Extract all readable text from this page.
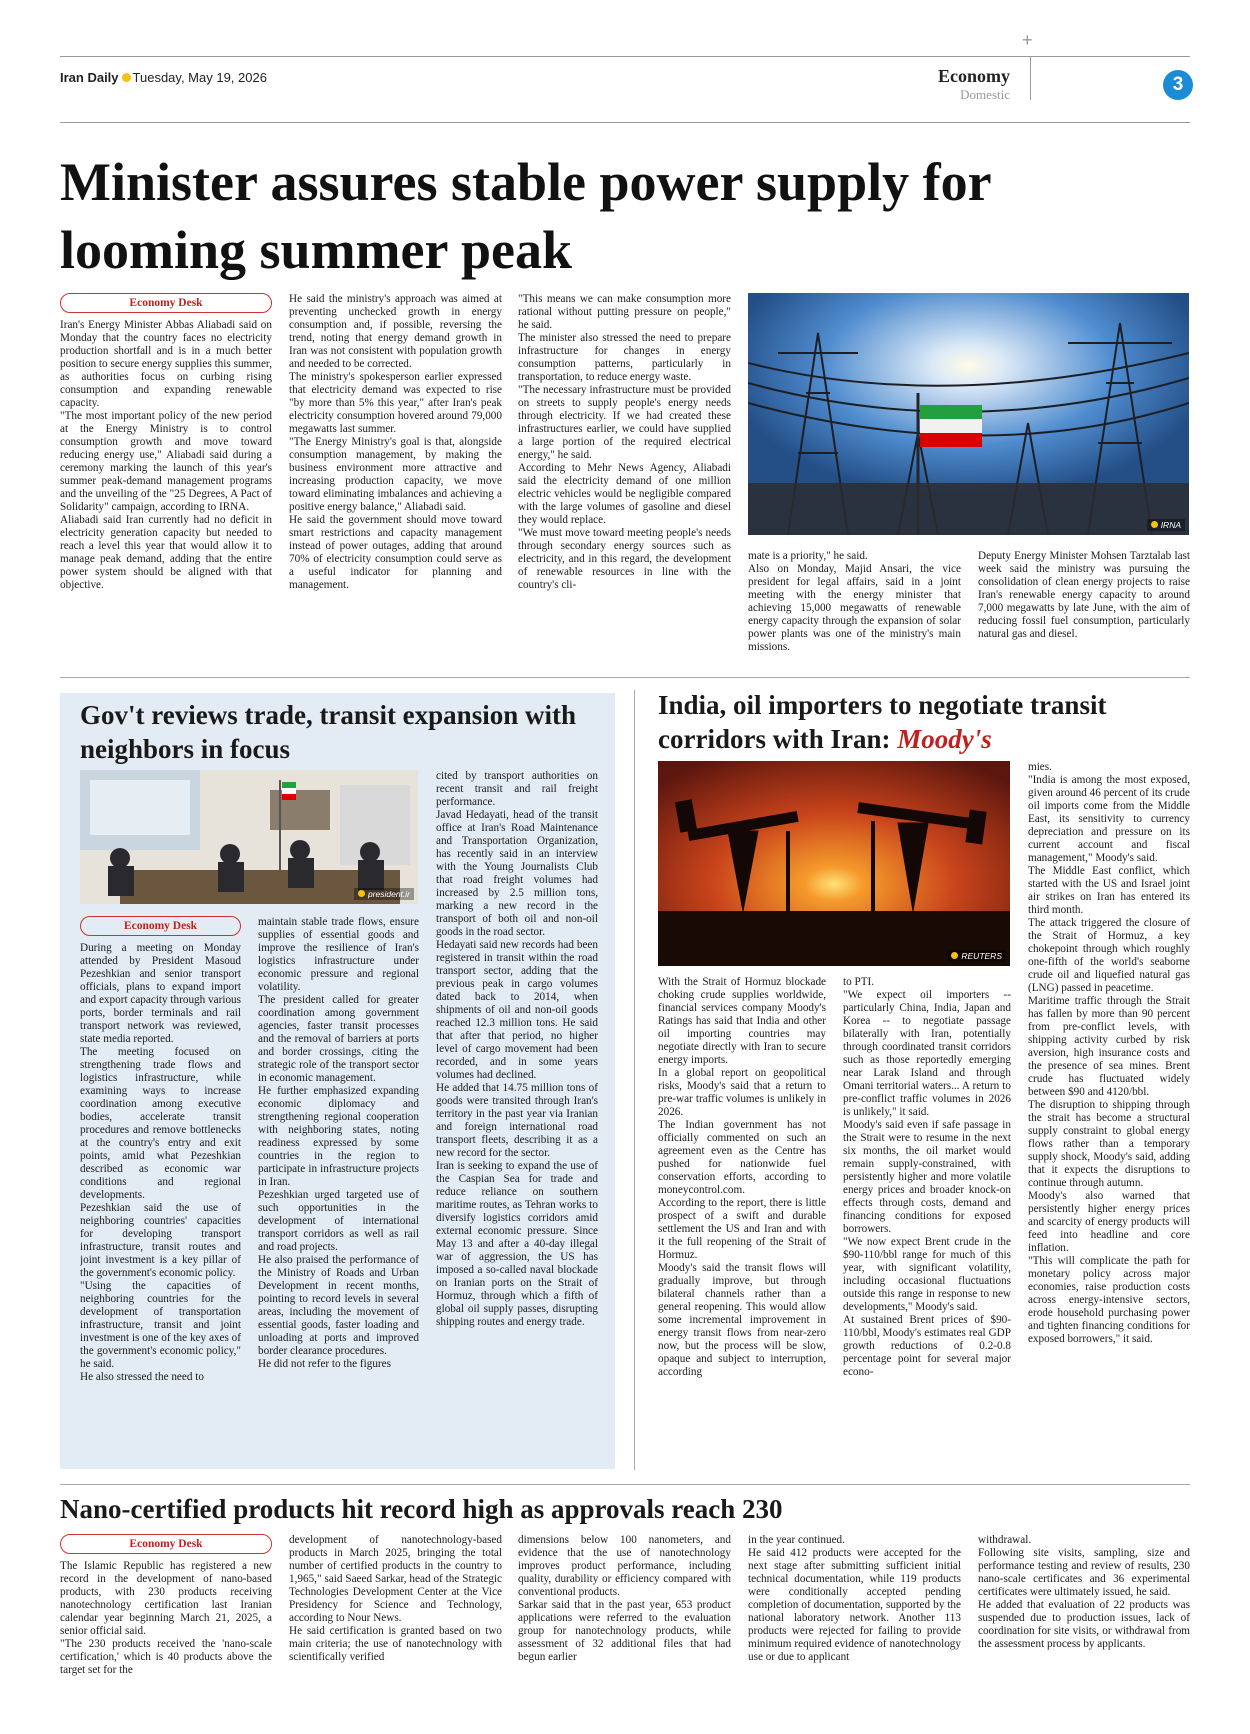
+
Iran Daily Tuesday, May 19, 2026	Economy
Domestic	3
Minister assures stable power supply for looming summer peak
Economy Desk

Iran's Energy Minister Abbas Aliabadi said on Monday that the country faces no electricity production shortfall and is in a much better position to secure energy supplies this summer, as authorities focus on curbing rising consumption and expanding renewable capacity.

"The most important policy of the new period at the Energy Ministry is to control consumption growth and move toward reducing energy use," Aliabadi said during a ceremony marking the launch of this year's summer peak-demand management programs and the unveiling of the "25 Degrees, A Pact of Solidarity" campaign, according to IRNA.

Aliabadi said Iran currently had no deficit in electricity generation capacity but needed to reach a level this year that would allow it to manage peak demand, adding that the entire power system should be aligned with that objective.

He said the ministry's approach was aimed at preventing unchecked growth in energy consumption and, if possible, reversing the trend, noting that energy demand growth in Iran was not consistent with population growth and needed to be corrected.

The ministry's spokesperson earlier expressed that electricity demand was expected to rise "by more than 5% this year," after Iran's peak electricity consumption hovered around 79,000 megawatts last summer.

"The Energy Ministry's goal is that, alongside consumption management, by making the business environment more attractive and increasing production capacity, we move toward eliminating imbalances and achieving a positive energy balance," Aliabadi said.

He said the government should move toward smart restrictions and capacity management instead of power outages, adding that around 70% of electricity consumption could serve as a useful indicator for planning and management.

"This means we can make consumption more rational without putting pressure on people," he said.

The minister also stressed the need to prepare infrastructure for changes in energy consumption patterns, particularly in transportation, to reduce energy waste.

"The necessary infrastructure must be provided on streets to supply people's energy needs through electricity. If we had created these infrastructures earlier, we could have supplied a large portion of the required electrical energy," he said.

According to Mehr News Agency, Aliabadi said the electricity demand of one million electric vehicles would be negligible compared with the large volumes of gasoline and diesel they would replace.

"We must move toward meeting people's needs through secondary energy sources such as electricity, and in this regard, the development of renewable resources in line with the country's cli-

IRNA

mate is a priority," he said.

Also on Monday, Majid Ansari, the vice president for legal affairs, said in a joint meeting with the energy minister that achieving 15,000 megawatts of renewable energy capacity through the expansion of solar power plants was one of the ministry's main missions.

Deputy Energy Minister Mohsen Tarztalab last week said the ministry was pursuing the consolidation of clean energy projects to raise Iran's renewable energy capacity to around 7,000 megawatts by late June, with the aim of reducing fossil fuel consumption, particularly natural gas and diesel.

Gov't reviews trade, transit expansion with neighbors in focus
president.ir
Economy Desk

During a meeting on Monday attended by President Masoud Pezeshkian and senior transport officials, plans to expand import and export capacity through various ports, border terminals and rail transport network was reviewed, state media reported.

The meeting focused on strengthening trade flows and logistics infrastructure, while examining ways to increase coordination among executive bodies, accelerate transit procedures and remove bottlenecks at the country's entry and exit points, amid what Pezeshkian described as economic war conditions and regional developments.

Pezeshkian said the use of neighboring countries' capacities for developing transport infrastructure, transit routes and joint investment is a key pillar of the government's economic policy.

"Using the capacities of neighboring countries for the development of transportation infrastructure, transit and joint investment is one of the key axes of the government's economic policy," he said.

He also stressed the need to

maintain stable trade flows, ensure supplies of essential goods and improve the resilience of Iran's logistics infrastructure under economic pressure and regional volatility.

The president called for greater coordination among government agencies, faster transit processes and the removal of barriers at ports and border crossings, citing the strategic role of the transport sector in economic management.

He further emphasized expanding economic diplomacy and strengthening regional cooperation with neighboring states, noting readiness expressed by some countries in the region to participate in infrastructure projects in Iran.

Pezeshkian urged targeted use of such opportunities in the development of international transport corridors as well as rail and road projects.

He also praised the performance of the Ministry of Roads and Urban Development in recent months, pointing to record levels in several areas, including the movement of essential goods, faster loading and unloading at ports and improved border clearance procedures.

He did not refer to the figures

cited by transport authorities on recent transit and rail freight performance.

Javad Hedayati, head of the transit office at Iran's Road Maintenance and Transportation Organization, has recently said in an interview with the Young Journalists Club that road freight volumes had increased by 2.5 million tons, marking a new record in the transport of both oil and non-oil goods in the road sector.

Hedayati said new records had been registered in transit within the road transport sector, adding that the previous peak in cargo volumes dated back to 2014, when shipments of oil and non-oil goods reached 12.3 million tons. He said that after that period, no higher level of cargo movement had been recorded, and in some years volumes had declined.

He added that 14.75 million tons of goods were transited through Iran's territory in the past year via Iranian and foreign international road transport fleets, describing it as a new record for the sector.

Iran is seeking to expand the use of the Caspian Sea for trade and reduce reliance on southern maritime routes, as Tehran works to diversify logistics corridors amid external economic pressure. Since May 13 and after a 40-day illegal war of aggression, the US has imposed a so-called naval blockade on Iranian ports on the Strait of Hormuz, through which a fifth of global oil supply passes, disrupting shipping routes and energy trade.

India, oil importers to negotiate transit corridors with Iran: Moody's
REUTERS

With the Strait of Hormuz blockade choking crude supplies worldwide, financial services company Moody's Ratings has said that India and other oil importing countries may negotiate directly with Iran to secure energy imports.

In a global report on geopolitical risks, Moody's said that a return to pre-war traffic volumes is unlikely in 2026.

The Indian government has not officially commented on such an agreement even as the Centre has pushed for nationwide fuel conservation efforts, according to moneycontrol.com.

According to the report, there is little prospect of a swift and durable settlement the US and Iran and with it the full reopening of the Strait of Hormuz.

Moody's said the transit flows will gradually improve, but through bilateral channels rather than a general reopening. This would allow some incremental improvement in energy transit flows from near-zero now, but the process will be slow, opaque and subject to interruption, according

to PTI.

"We expect oil importers -- particularly China, India, Japan and Korea -- to negotiate passage bilaterally with Iran, potentially through coordinated transit corridors such as those reportedly emerging near Larak Island and through Omani territorial waters... A return to pre-conflict traffic volumes in 2026 is unlikely," it said.

Moody's said even if safe passage in the Strait were to resume in the next six months, the oil market would remain supply-constrained, with persistently higher and more volatile energy prices and broader knock-on effects through costs, demand and financing conditions for exposed borrowers.

"We now expect Brent crude in the $90-110/bbl range for much of this year, with significant volatility, including occasional fluctuations outside this range in response to new developments," Moody's said.

At sustained Brent prices of $90-110/bbl, Moody's estimates real GDP growth reductions of 0.2-0.8 percentage point for several major econo-

mies.

"India is among the most exposed, given around 46 percent of its crude oil imports come from the Middle East, its sensitivity to currency depreciation and pressure on its current account and fiscal management," Moody's said.

The Middle East conflict, which started with the US and Israel joint air strikes on Iran has entered its third month.

The attack triggered the closure of the Strait of Hormuz, a key chokepoint through which roughly one-fifth of the world's seaborne crude oil and liquefied natural gas (LNG) passed in peacetime.

Maritime traffic through the Strait has fallen by more than 90 percent from pre-conflict levels, with shipping activity curbed by risk aversion, high insurance costs and the presence of sea mines. Brent crude has fluctuated widely between $90 and 4120/bbl.

The disruption to shipping through the strait has become a structural supply constraint to global energy flows rather than a temporary supply shock, Moody's said, adding that it expects the disruptions to continue through autumn.

Moody's also warned that persistently higher energy prices and scarcity of energy products will feed into headline and core inflation.

"This will complicate the path for monetary policy across major economies, raise production costs across energy-intensive sectors, erode household purchasing power and tighten financing conditions for exposed borrowers," it said.

Nano-certified products hit record high as approvals reach 230
Economy Desk

The Islamic Republic has registered a new record in the development of nano-based products, with 230 products receiving nanotechnology certification last Iranian calendar year beginning March 21, 2025, a senior official said.

"The 230 products received the 'nano-scale certification,' which is 40 products above the target set for the

development of nanotechnology-based products in March 2025, bringing the total number of certified products in the country to 1,965," said Saeed Sarkar, head of the Strategic Technologies Development Center at the Vice Presidency for Science and Technology, according to Nour News.

He said certification is granted based on two main criteria; the use of nanotechnology with scientifically verified

dimensions below 100 nanometers, and evidence that the use of nanotechnology improves product performance, including quality, durability or efficiency compared with conventional products.

Sarkar said that in the past year, 653 product applications were referred to the evaluation group for nanotechnology products, while assessment of 32 additional files that had begun earlier

in the year continued.

He said 412 products were accepted for the next stage after submitting sufficient initial technical documentation, while 119 products were conditionally accepted pending completion of documentation, supported by the national laboratory network. Another 113 products were rejected for failing to provide minimum required evidence of nanotechnology use or due to applicant

withdrawal.

Following site visits, sampling, size and performance testing and review of results, 230 nano-scale certificates and 36 experimental certificates were ultimately issued, he said.

He added that evaluation of 22 products was suspended due to production issues, lack of coordination for site visits, or withdrawal from the assessment process by applicants.
